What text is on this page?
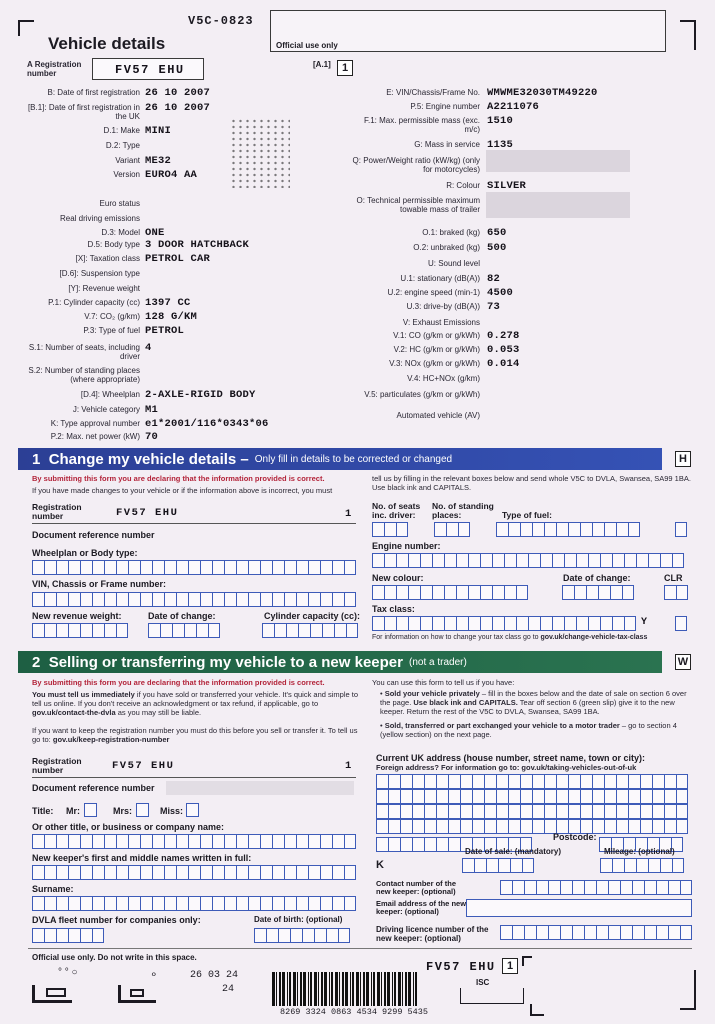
V5C-0823
Vehicle details	Official use only
[A.1]	1
A Registration number	FV57 EHU
B: Date of first registration 26 10 2007
[B.1]: Date of first registration in the UK
26 10 2007
D.1: Make MINI
D.2: Type
Variant ME32
Version EURO4 AA
Euro status
Real driving emissions
D.3: Model ONE
D.5: Body type 3 DOOR HATCHBACK
[X]: Taxation class PETROL CAR
[D.6]: Suspension type
[Y]: Revenue weight
P.1: Cylinder capacity (cc) 1397 CC
V.7: CO₂ (g/km) 128 G/KM
P.3: Type of fuel PETROL
S.1: Number of seats, including driver
4
S.2: Number of standing places (where appropriate)
[D.4]: Wheelplan 2-AXLE-RIGID BODY
J: Vehicle category M1
K: Type approval number e1*2001/116*0343*06
P.2: Max. net power (kW) 70
E: VIN/Chassis/Frame No. WMWME32030TM49220
P.5: Engine number A2211076
F.1: Max. permissible mass (exc. m/c)
1510
G: Mass in service 1135
Q: Power/Weight ratio (kW/kg) (only for motorcycles)
R: Colour SILVER
O: Technical permissible maximum towable mass of trailer
O.1: braked (kg) 650
O.2: unbraked (kg) 500
U: Sound level
U.1: stationary (dB(A)) 82
U.2: engine speed (min-1) 4500
U.3: drive-by (dB(A)) 73
V: Exhaust Emissions
V.1: CO (g/km or g/kWh) 0.278
V.2: HC (g/km or g/kWh) 0.053
V.3: NOx (g/km or g/kWh) 0.014
V.4: HC+NOx (g/km)
V.5: particulates (g/km or g/kWh)
Automated vehicle (AV)
1
Change my vehicle details – Only fill in details to be corrected or changed	H
By submitting this form you are declaring that the information provided is correct.
If you have made changes to your vehicle or if the information above is incorrect, you must
tell us by filling in the relevant boxes below and send whole V5C to DVLA, Swansea, SA99 1BA. Use black ink and CAPITALS.
Registration number	FV57 EHU	1
Document reference number
Wheelplan or Body type:
VIN, Chassis or Frame number:
New revenue weight:	Date of change:	Cylinder capacity (cc):
No. of seats inc. driver:
No. of standing places:	Type of fuel:
Engine number:
New colour:	Date of change:	CLR
Tax class:
Y
For information on how to change your tax class go to gov.uk/change-vehicle-tax-class
2
Selling or transferring my vehicle to a new keeper (not a trader)	W
By submitting this form you are declaring that the information provided is correct.
You must tell us immediately if you have sold or transferred your vehicle. It's quick and simple to tell us online. If you don't receive an acknowledgment or tax refund, if applicable, go to gov.uk/contact-the-dvla as you may still be liable.
If you want to keep the registration number you must do this before you sell or transfer it. To tell us go to: gov.uk/keep-registration-number
You can use this form to tell us if you have:
• Sold your vehicle privately – fill in the boxes below and the date of sale on section 6 over the page. Use black ink and CAPITALS. Tear off section 6 (green slip) give it to the new keeper. Return the rest of the V5C to DVLA, Swansea, SA99 1BA.
• Sold, transferred or part exchanged your vehicle to a motor trader – go to section 4 (yellow section) on the next page.
Registration number	FV57 EHU	1
Document reference number
Title: Mr:	Mrs:	Miss:
Or other title, or business or company name:
New keeper's first and middle names written in full:
Surname:
DVLA fleet number for companies only:	Date of birth: (optional)
Current UK address (house number, street name, town or city):
Foreign address? For information go to: gov.uk/taking-vehicles-out-of-uk
Postcode:
Date of sale: (mandatory)	Mileage: (optional)
K
Contact number of the new keeper: (optional)
Email address of the new keeper: (optional)
Driving licence number of the new keeper: (optional)
Official use only. Do not write in this space.
° ° ○	∘	26 03 24
24
8269 3324 0863 4534 9299 5435
FV57 EHU	1
ISC
